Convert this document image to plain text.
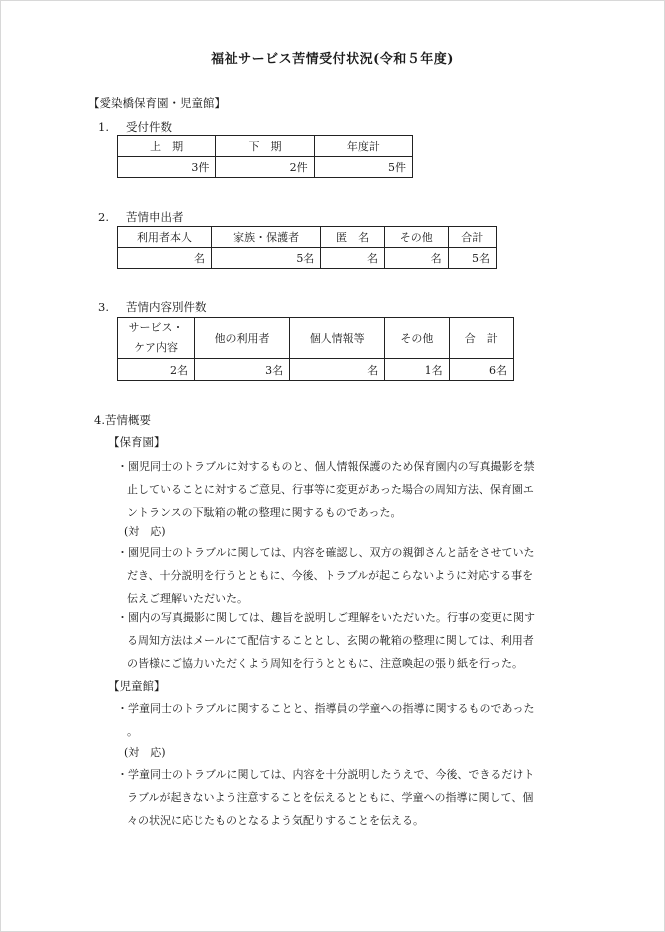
福祉サービス苦情受付状況(令和５年度)
【愛染橋保育園・児童館】
1. 受付件数
上　期	下　期	年度計
3件	2件	5件
2. 苦情申出者
利用者本人	家族・保護者	匿　名	その他	合計
名	5名	名	名	5名
3. 苦情内容別件数
サービス・
ケア内容	他の利用者	個人情報等	その他	合　計
2名	3名	名	1名	6名
4.苦情概要
【保育園】
・園児同士のトラブルに対するものと、個人情報保護のため保育園内の写真撮影を禁
止していることに対するご意見、行事等に変更があった場合の周知方法、保育園エ
ントランスの下駄箱の靴の整理に関するものであった。
(対　応)
・園児同士のトラブルに関しては、内容を確認し、双方の親御さんと話をさせていた
だき、十分説明を行うとともに、今後、トラブルが起こらないように対応する事を
伝えご理解いただいた。
・園内の写真撮影に関しては、趣旨を説明しご理解をいただいた。行事の変更に関す
る周知方法はメールにて配信することとし、玄関の靴箱の整理に関しては、利用者
の皆様にご協力いただくよう周知を行うとともに、注意喚起の張り紙を行った。
【児童館】
・学童同士のトラブルに関することと、指導員の学童への指導に関するものであった
。
(対　応)
・学童同士のトラブルに関しては、内容を十分説明したうえで、今後、できるだけト
ラブルが起きないよう注意することを伝えるとともに、学童への指導に関して、個
々の状況に応じたものとなるよう気配りすることを伝える。
